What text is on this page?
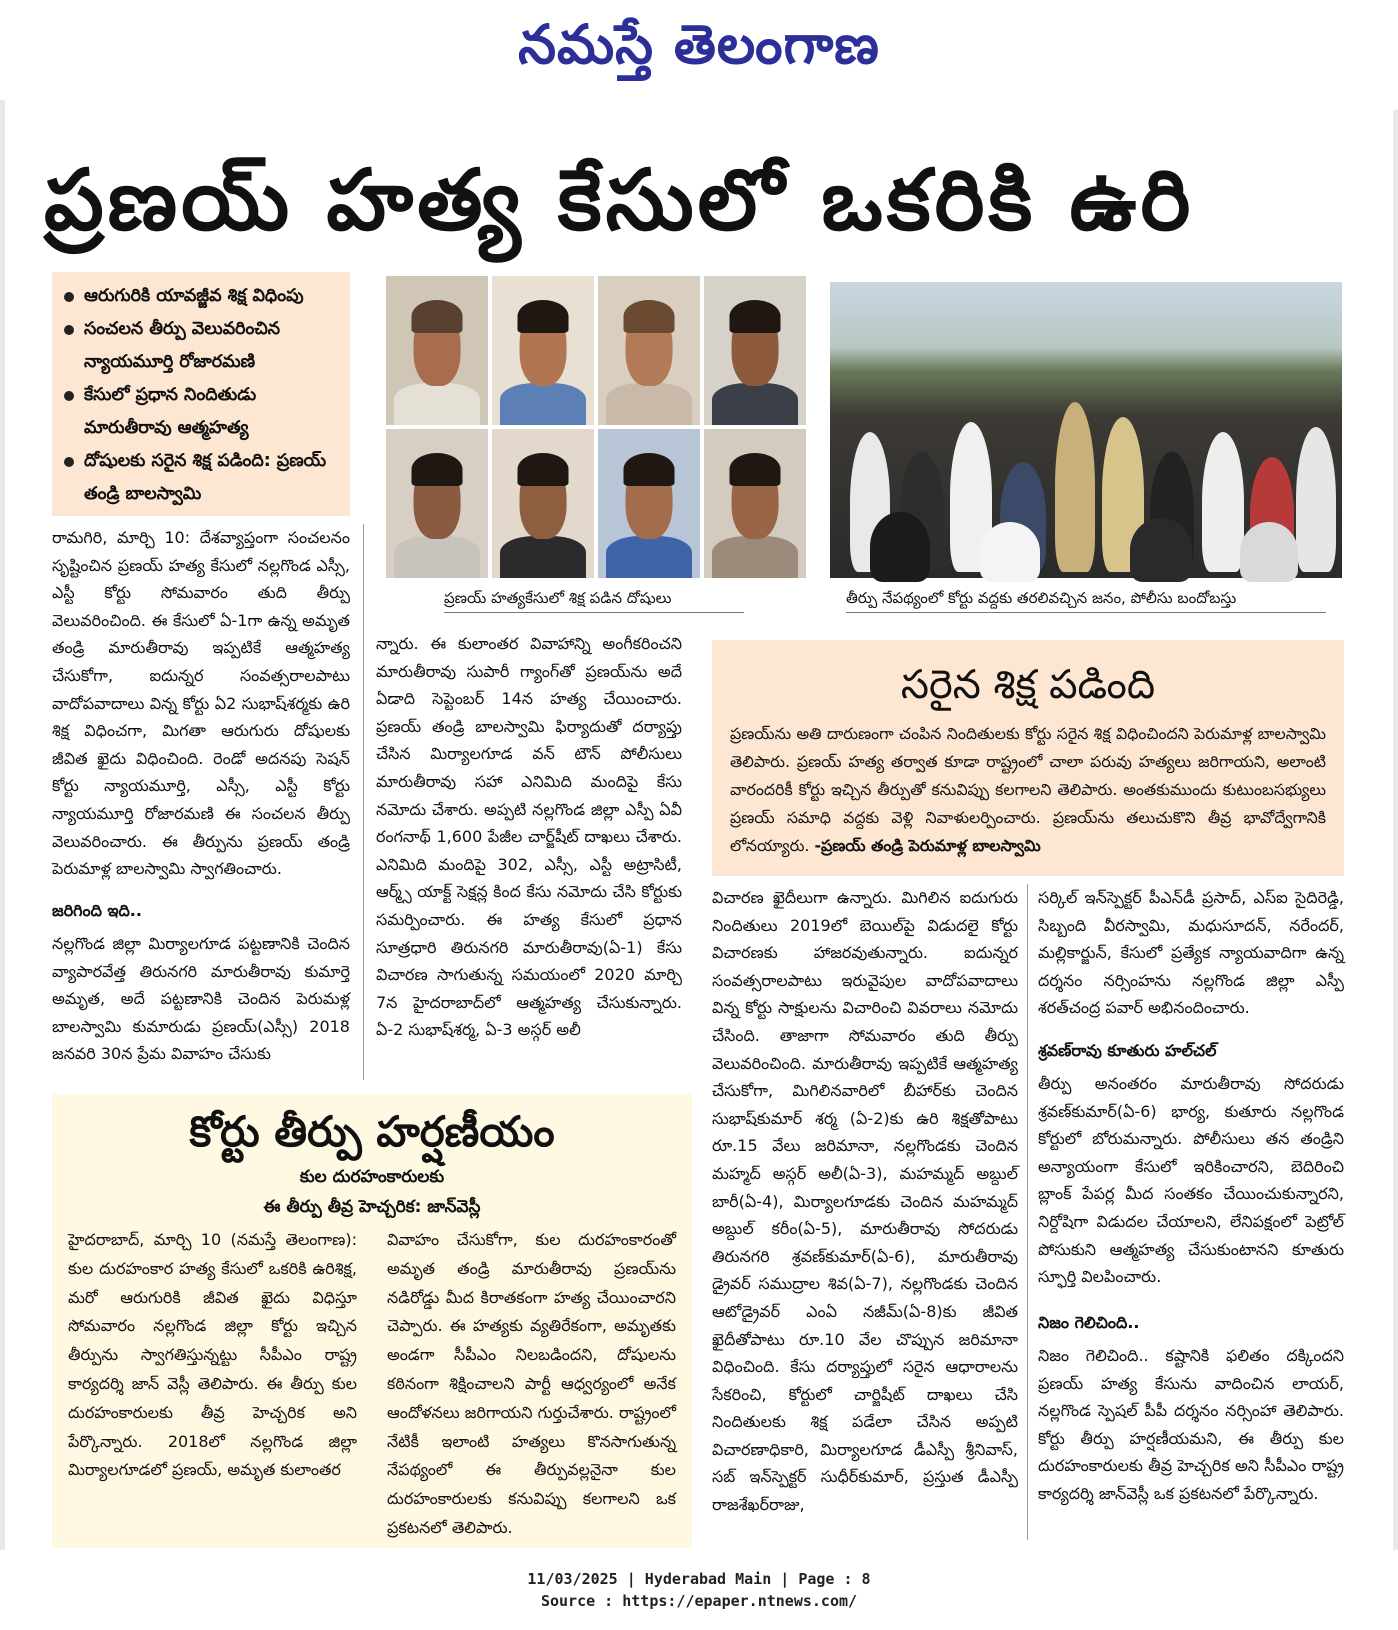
నమస్తే తెలంగాణ
ప్రణయ్ హత్య కేసులో ఒకరికి ఉరి
ఆరుగురికి యావజ్జీవ శిక్ష విధింపు
సంచలన తీర్పు వెలువరించిన న్యాయమూర్తి రోజారమణి
కేసులో ప్రధాన నిందితుడు మారుతీరావు ఆత్మహత్య
దోషులకు సరైన శిక్ష పడింది: ప్రణయ్ తండ్రి బాలస్వామి
ప్రణయ్ హత్యకేసులో శిక్ష పడిన దోషులు	తీర్పు నేపథ్యంలో కోర్టు వద్దకు తరలివచ్చిన జనం, పోలీసు బందోబస్తు

రామగిరి, మార్చి 10: దేశవ్యాప్తంగా సంచలనం సృష్టించిన ప్రణయ్ హత్య కేసులో నల్లగొండ ఎస్సీ, ఎస్టీ కోర్టు సోమవారం తుది తీర్పు వెలువరించింది. ఈ కేసులో ఏ-1గా ఉన్న అమృత తండ్రి మారుతీరావు ఇప్పటికే ఆత్మహత్య చేసుకోగా, ఐదున్నర సంవత్సరాలపాటు వాదోపవాదాలు విన్న కోర్టు ఏ2 సుభాష్‌శర్మకు ఉరి శిక్ష విధించగా, మిగతా ఆరుగురు దోషులకు జీవిత ఖైదు విధించింది. రెండో అదనపు సెషన్ కోర్టు న్యాయమూర్తి, ఎస్సీ, ఎస్టీ కోర్టు న్యాయమూర్తి రోజారమణి ఈ సంచలన తీర్పు వెలువరించారు. ఈ తీర్పును ప్రణయ్ తండ్రి పెరుమాళ్ల బాలస్వామి స్వాగతించారు.

జరిగింది ఇది..

నల్లగొండ జిల్లా మిర్యాలగూడ పట్టణానికి చెందిన వ్యాపారవేత్త తిరునగరి మారుతీరావు కుమార్తె అమృత, అదే పట్టణానికి చెందిన పెరుమళ్ల బాలస్వామి కుమారుడు ప్రణయ్(ఎస్సీ) 2018 జనవరి 30న ప్రేమ వివాహం చేసుకు

న్నారు. ఈ కులాంతర వివాహాన్ని అంగీకరించని మారుతీరావు సుపారీ గ్యాంగ్‌తో ప్రణయ్‌ను అదే ఏడాది సెప్టెంబర్ 14న హత్య చేయించారు. ప్రణయ్ తండ్రి బాలస్వామి ఫిర్యాదుతో దర్యాప్తు చేసిన మిర్యాలగూడ వన్ టౌన్ పోలీసులు మారుతీరావు సహా ఎనిమిది మందిపై కేసు నమోదు చేశారు. అప్పటి నల్లగొండ జిల్లా ఎస్పీ ఏవీ రంగనాథ్ 1,600 పేజీల చార్జ్‌షీట్ దాఖలు చేశారు. ఎనిమిది మందిపై 302, ఎస్సీ, ఎస్టీ అట్రాసిటీ, ఆర్మ్స్ యాక్ట్ సెక్షన్ల కింద కేసు నమోదు చేసి కోర్టుకు సమర్పించారు. ఈ హత్య కేసులో ప్రధాన సూత్రధారి తిరునగరి మారుతీరావు(ఏ-1) కేసు విచారణ సాగుతున్న సమయంలో 2020 మార్చి 7న హైదరాబాద్‌లో ఆత్మహత్య చేసుకున్నారు. ఏ-2 సుభాష్‌శర్మ, ఏ-3 అస్గర్ అలీ

సరైన శిక్ష పడింది

ప్రణయ్‌ను అతి దారుణంగా చంపిన నిందితులకు కోర్టు సరైన శిక్ష విధించిందని పెరుమాళ్ల బాలస్వామి తెలిపారు. ప్రణయ్ హత్య తర్వాత కూడా రాష్ట్రంలో చాలా పరువు హత్యలు జరిగాయని, అలాంటి వారందరికీ కోర్టు ఇచ్చిన తీర్పుతో కనువిప్పు కలగాలని తెలిపారు. అంతకుముందు కుటుంబసభ్యులు ప్రణయ్ సమాధి వద్దకు వెళ్లి నివాళులర్పించారు. ప్రణయ్‌ను తలుచుకొని తీవ్ర భావోద్వేగానికి లోనయ్యారు. -ప్రణయ్ తండ్రి పెరుమాళ్ల బాలస్వామి

విచారణ ఖైదీలుగా ఉన్నారు. మిగిలిన ఐదుగురు నిందితులు 2019లో బెయిల్‌పై విడుదలై కోర్టు విచారణకు హాజరవుతున్నారు. ఐదున్నర సంవత్సరాలపాటు ఇరువైపుల వాదోపవాదాలు విన్న కోర్టు సాక్షులను విచారించి వివరాలు నమోదు చేసింది. తాజాగా సోమవారం తుది తీర్పు వెలువరించింది. మారుతీరావు ఇప్పటికే ఆత్మహత్య చేసుకోగా, మిగిలినవారిలో బీహార్‌కు చెందిన సుభాష్‌కుమార్ శర్మ (ఏ-2)కు ఉరి శిక్షతోపాటు రూ.15 వేలు జరిమానా, నల్లగొండకు చెందిన మహ్మద్ అస్గర్ అలీ(ఏ-3), మహమ్మద్ అబ్దుల్ బారీ(ఏ-4), మిర్యాలగూడకు చెందిన మహమ్మద్ అబ్దుల్ కరీం(ఏ-5), మారుతీరావు సోదరుడు తిరునగరి శ్రవణ్‌కుమార్(ఏ-6), మారుతీరావు డ్రైవర్ సముద్రాల శివ(ఏ-7), నల్లగొండకు చెందిన ఆటోడ్రైవర్ ఎంఏ నజీమ్(ఏ-8)కు జీవిత ఖైదీతోపాటు రూ.10 వేల చొప్పున జరిమానా విధించింది. కేసు దర్యాప్తులో సరైన ఆధారాలను సేకరించి, కోర్టులో చార్జిషీట్ దాఖలు చేసి నిందితులకు శిక్ష పడేలా చేసిన అప్పటి విచారణాధికారి, మిర్యాలగూడ డీఎస్పీ శ్రీనివాస్, సబ్ ఇన్‌స్పెక్టర్ సుధీర్‌కుమార్, ప్రస్తుత డీఎస్పీ రాజశేఖర్‌రాజు,

సర్కిల్ ఇన్‌స్పెక్టర్ పీఎన్‌డీ ప్రసాద్, ఎస్ఐ సైదిరెడ్డి, సిబ్బంది వీరస్వామి, మధుసూదన్, నరేందర్, మల్లికార్జున్, కేసులో ప్రత్యేక న్యాయవాదిగా ఉన్న దర్శనం నర్సింహను నల్లగొండ జిల్లా ఎస్పీ శరత్‌చంద్ర పవార్ అభినందించారు.

శ్రవణ్‌రావు కూతురు హల్‌చల్

తీర్పు అనంతరం మారుతీరావు సోదరుడు శ్రవణ్‌కుమార్(ఏ-6) భార్య, కుతూరు నల్లగొండ కోర్టులో బోరుమన్నారు. పోలీసులు తన తండ్రిని అన్యాయంగా కేసులో ఇరికించారని, బెదిరించి బ్లాంక్ పేపర్ల మీద సంతకం చేయించుకున్నారని, నిర్దోషిగా విడుదల చేయాలని, లేనిపక్షంలో పెట్రోల్ పోసుకుని ఆత్మహత్య చేసుకుంటానని కూతురు స్ఫూర్తి విలపించారు.

నిజం గెలిచింది..

నిజం గెలిచింది.. కష్టానికి ఫలితం దక్కిందని ప్రణయ్ హత్య కేసును వాదించిన లాయర్, నల్లగొండ స్పెషల్ పీపీ దర్శనం నర్సింహా తెలిపారు. కోర్టు తీర్పు హర్షణీయమని, ఈ తీర్పు కుల దురహంకారులకు తీవ్ర హెచ్చరిక అని సీపీఎం రాష్ట్ర కార్యదర్శి జాన్‌వెస్లీ ఒక ప్రకటనలో పేర్కొన్నారు.

కోర్టు తీర్పు హర్షణీయం
కుల దురహంకారులకు
ఈ తీర్పు తీవ్ర హెచ్చరిక: జాన్‌వెస్లీ
హైదరాబాద్, మార్చి 10 (నమస్తే తెలంగాణ): కుల దురహంకార హత్య కేసులో ఒకరికి ఉరిశిక్ష, మరో ఆరుగురికి జీవిత ఖైదు విధిస్తూ సోమవారం నల్లగొండ జిల్లా కోర్టు ఇచ్చిన తీర్పును స్వాగతిస్తున్నట్టు సీపీఎం రాష్ట్ర కార్యదర్శి జాన్ వెస్లీ తెలిపారు. ఈ తీర్పు కుల దురహంకారులకు తీవ్ర హెచ్చరిక అని పేర్కొన్నారు. 2018లో నల్లగొండ జిల్లా మిర్యాలగూడలో ప్రణయ్, అమృత కులాంతర
వివాహం చేసుకోగా, కుల దురహంకారంతో అమృత తండ్రి మారుతీరావు ప్రణయ్‌ను నడిరోడ్డు మీద కిరాతకంగా హత్య చేయించారని చెప్పారు. ఈ హత్యకు వ్యతిరేకంగా, అమృతకు అండగా సీపీఎం నిలబడిందని, దోషులను కఠినంగా శిక్షించాలని పార్టీ ఆధ్వర్యంలో అనేక ఆందోళనలు జరిగాయని గుర్తుచేశారు. రాష్ట్రంలో నేటికీ ఇలాంటి హత్యలు కొనసాగుతున్న నేపథ్యంలో ఈ తీర్పువల్లనైనా కుల దురహంకారులకు కనువిప్పు కలగాలని ఒక ప్రకటనలో తెలిపారు.
11/03/2025 | Hyderabad Main | Page : 8
Source : https://epaper.ntnews.com/
